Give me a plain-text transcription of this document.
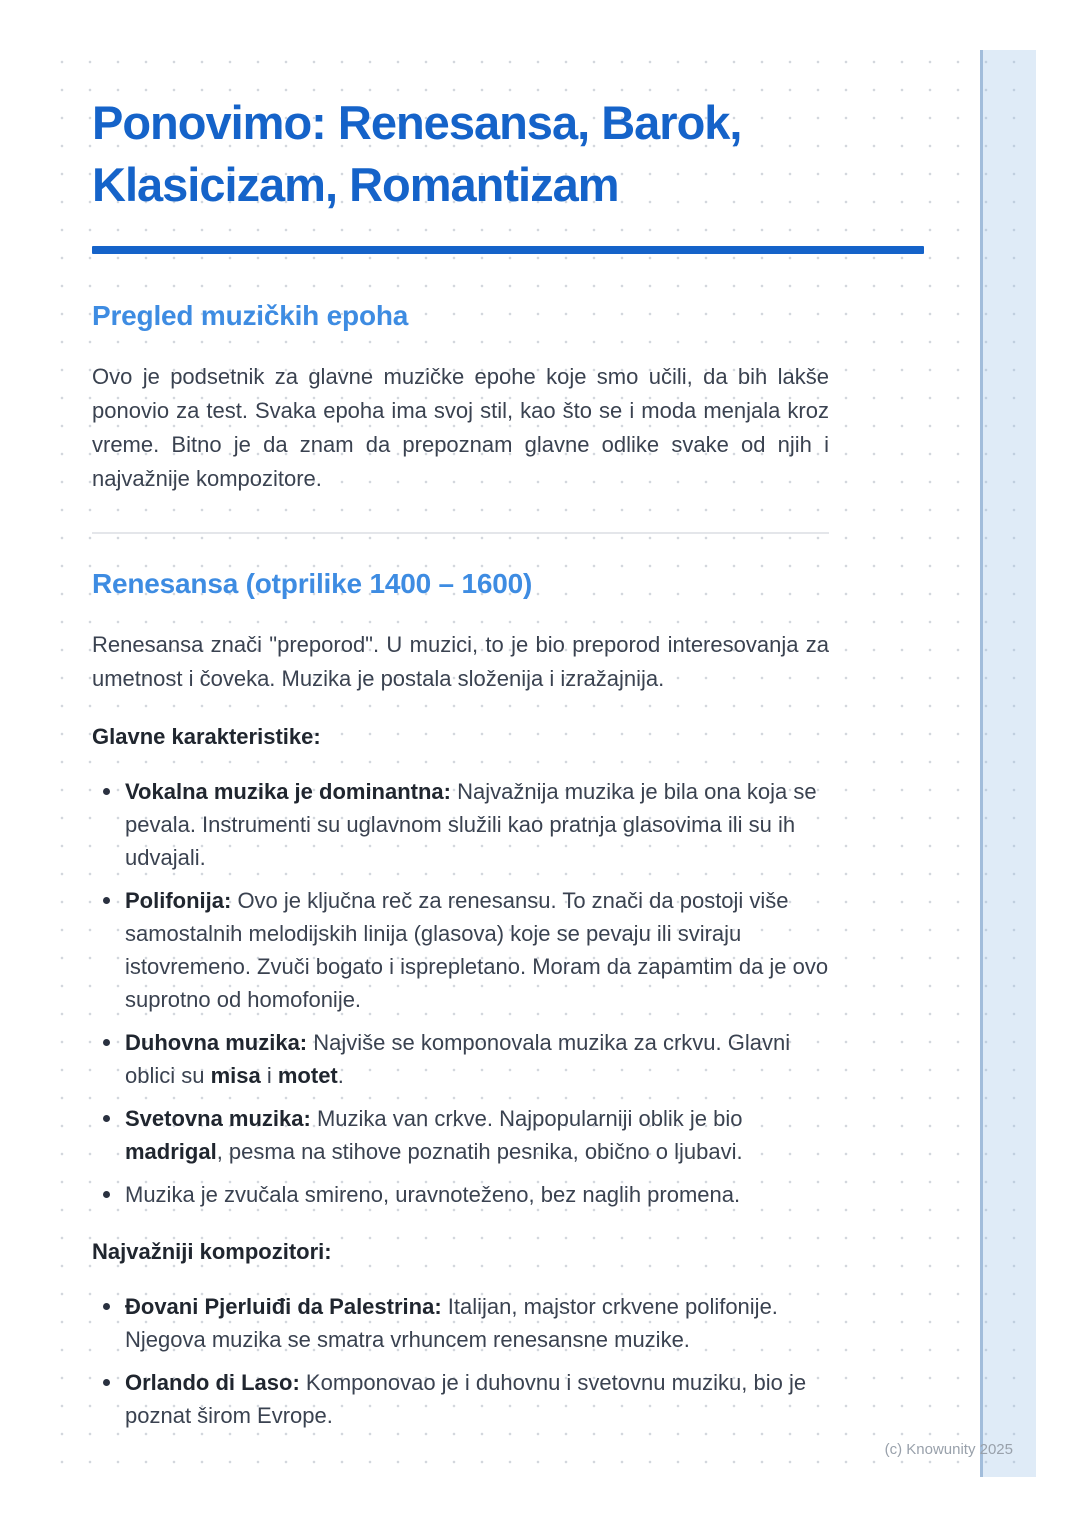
Ponovimo: Renesansa, Barok,
Klasicizam, Romantizam
Pregled muzičkih epoha

Ovo je podsetnik za glavne muzičke epohe koje smo učili, da bih lakše ponovio za test. Svaka epoha ima svoj stil, kao što se i moda menjala kroz vreme. Bitno je da znam da prepoznam glavne odlike svake od njih i najvažnije kompozitore.

Renesansa (otprilike 1400 – 1600)

Renesansa znači "preporod". U muzici, to je bio preporod interesovanja za umetnost i čoveka. Muzika je postala složenija i izražajnija.

Glavne karakteristike:

Vokalna muzika je dominantna: Najvažnija muzika je bila ona koja se pevala. Instrumenti su uglavnom služili kao pratnja glasovima ili su ih udvajali.
Polifonija: Ovo je ključna reč za renesansu. To znači da postoji više samostalnih melodijskih linija (glasova) koje se pevaju ili sviraju istovremeno. Zvuči bogato i isprepletano. Moram da zapamtim da je ovo suprotno od homofonije.
Duhovna muzika: Najviše se komponovala muzika za crkvu. Glavni oblici su misa i motet.
Svetovna muzika: Muzika van crkve. Najpopularniji oblik je bio madrigal, pesma na stihove poznatih pesnika, obično o ljubavi.
Muzika je zvučala smireno, uravnoteženo, bez naglih promena.

Najvažniji kompozitori:

Đovani Pjerluiđi da Palestrina: Italijan, majstor crkvene polifonije. Njegova muzika se smatra vrhuncem renesansne muzike.
Orlando di Laso: Komponovao je i duhovnu i svetovnu muziku, bio je poznat širom Evrope.
(c) Knowunity 2025
